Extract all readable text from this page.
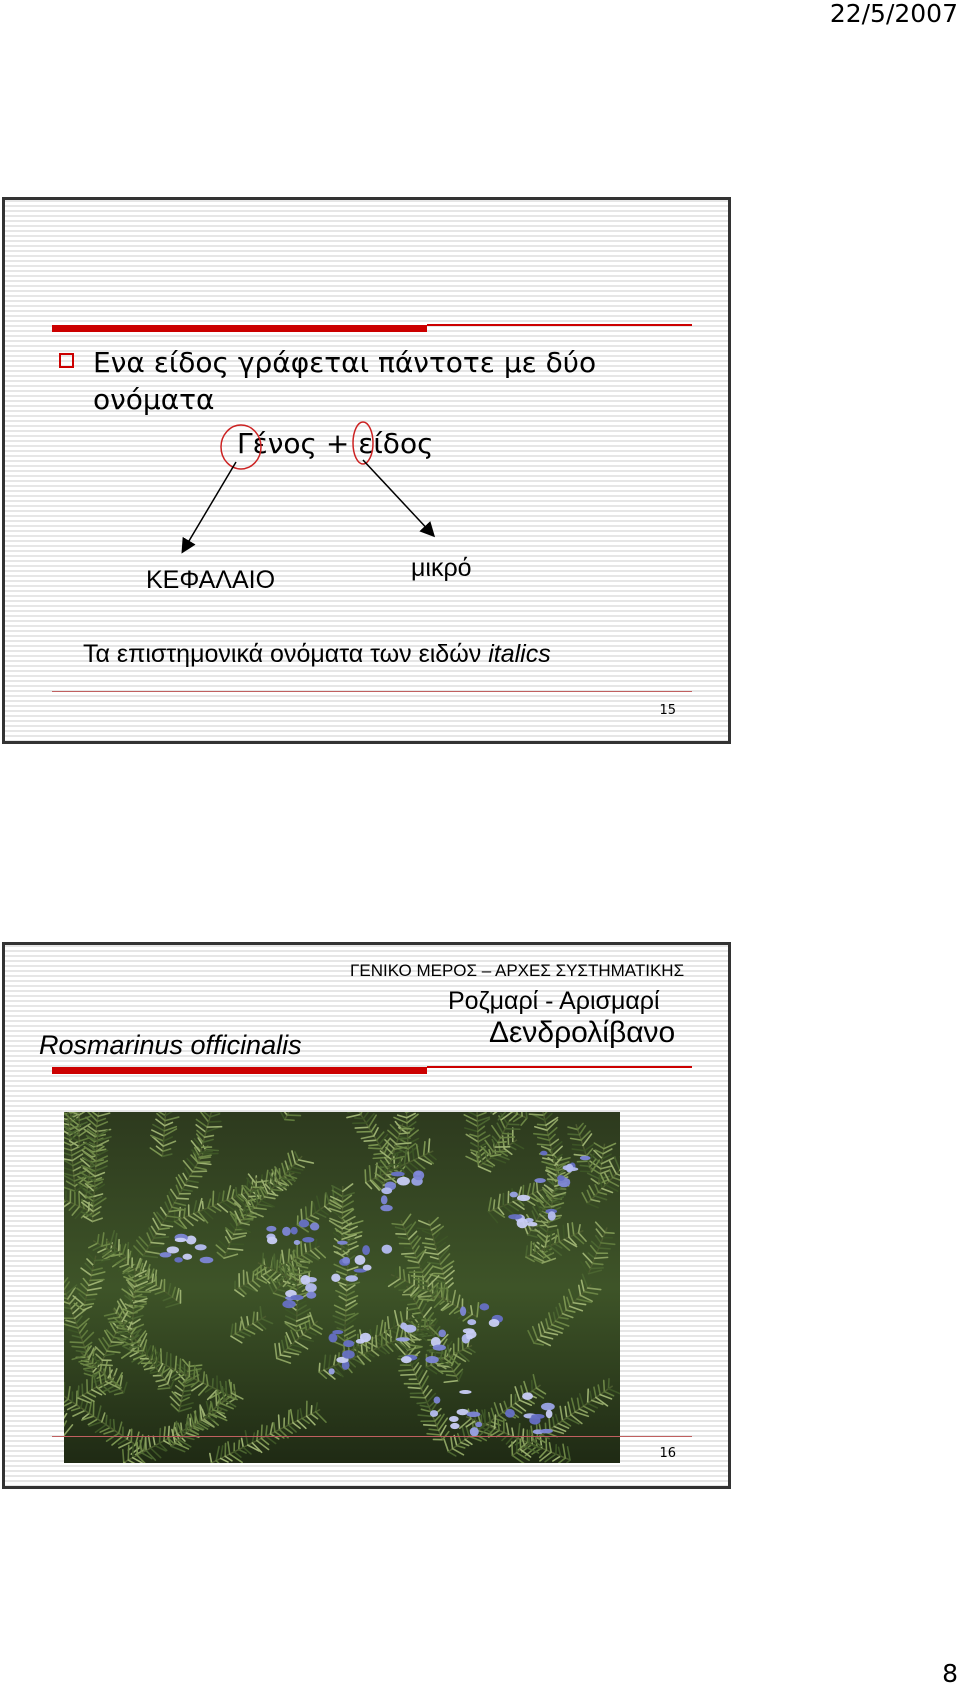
22/5/2007
Ενα είδος γράφεται πάντοτε με δύο ονόματα
Γένος + είδος
ΚΕΦΑΛΑΙΟ	μικρό
Τα επιστημονικά ονόματα των ειδών italics
15
ΓΕΝΙΚΟ ΜΕΡΟΣ – ΑΡΧΕΣ ΣΥΣΤΗΜΑΤΙΚΗΣ
Ροζμαρί - Αρισμαρί
Δενδρολίβανο
Rosmarinus officinalis
16
8
